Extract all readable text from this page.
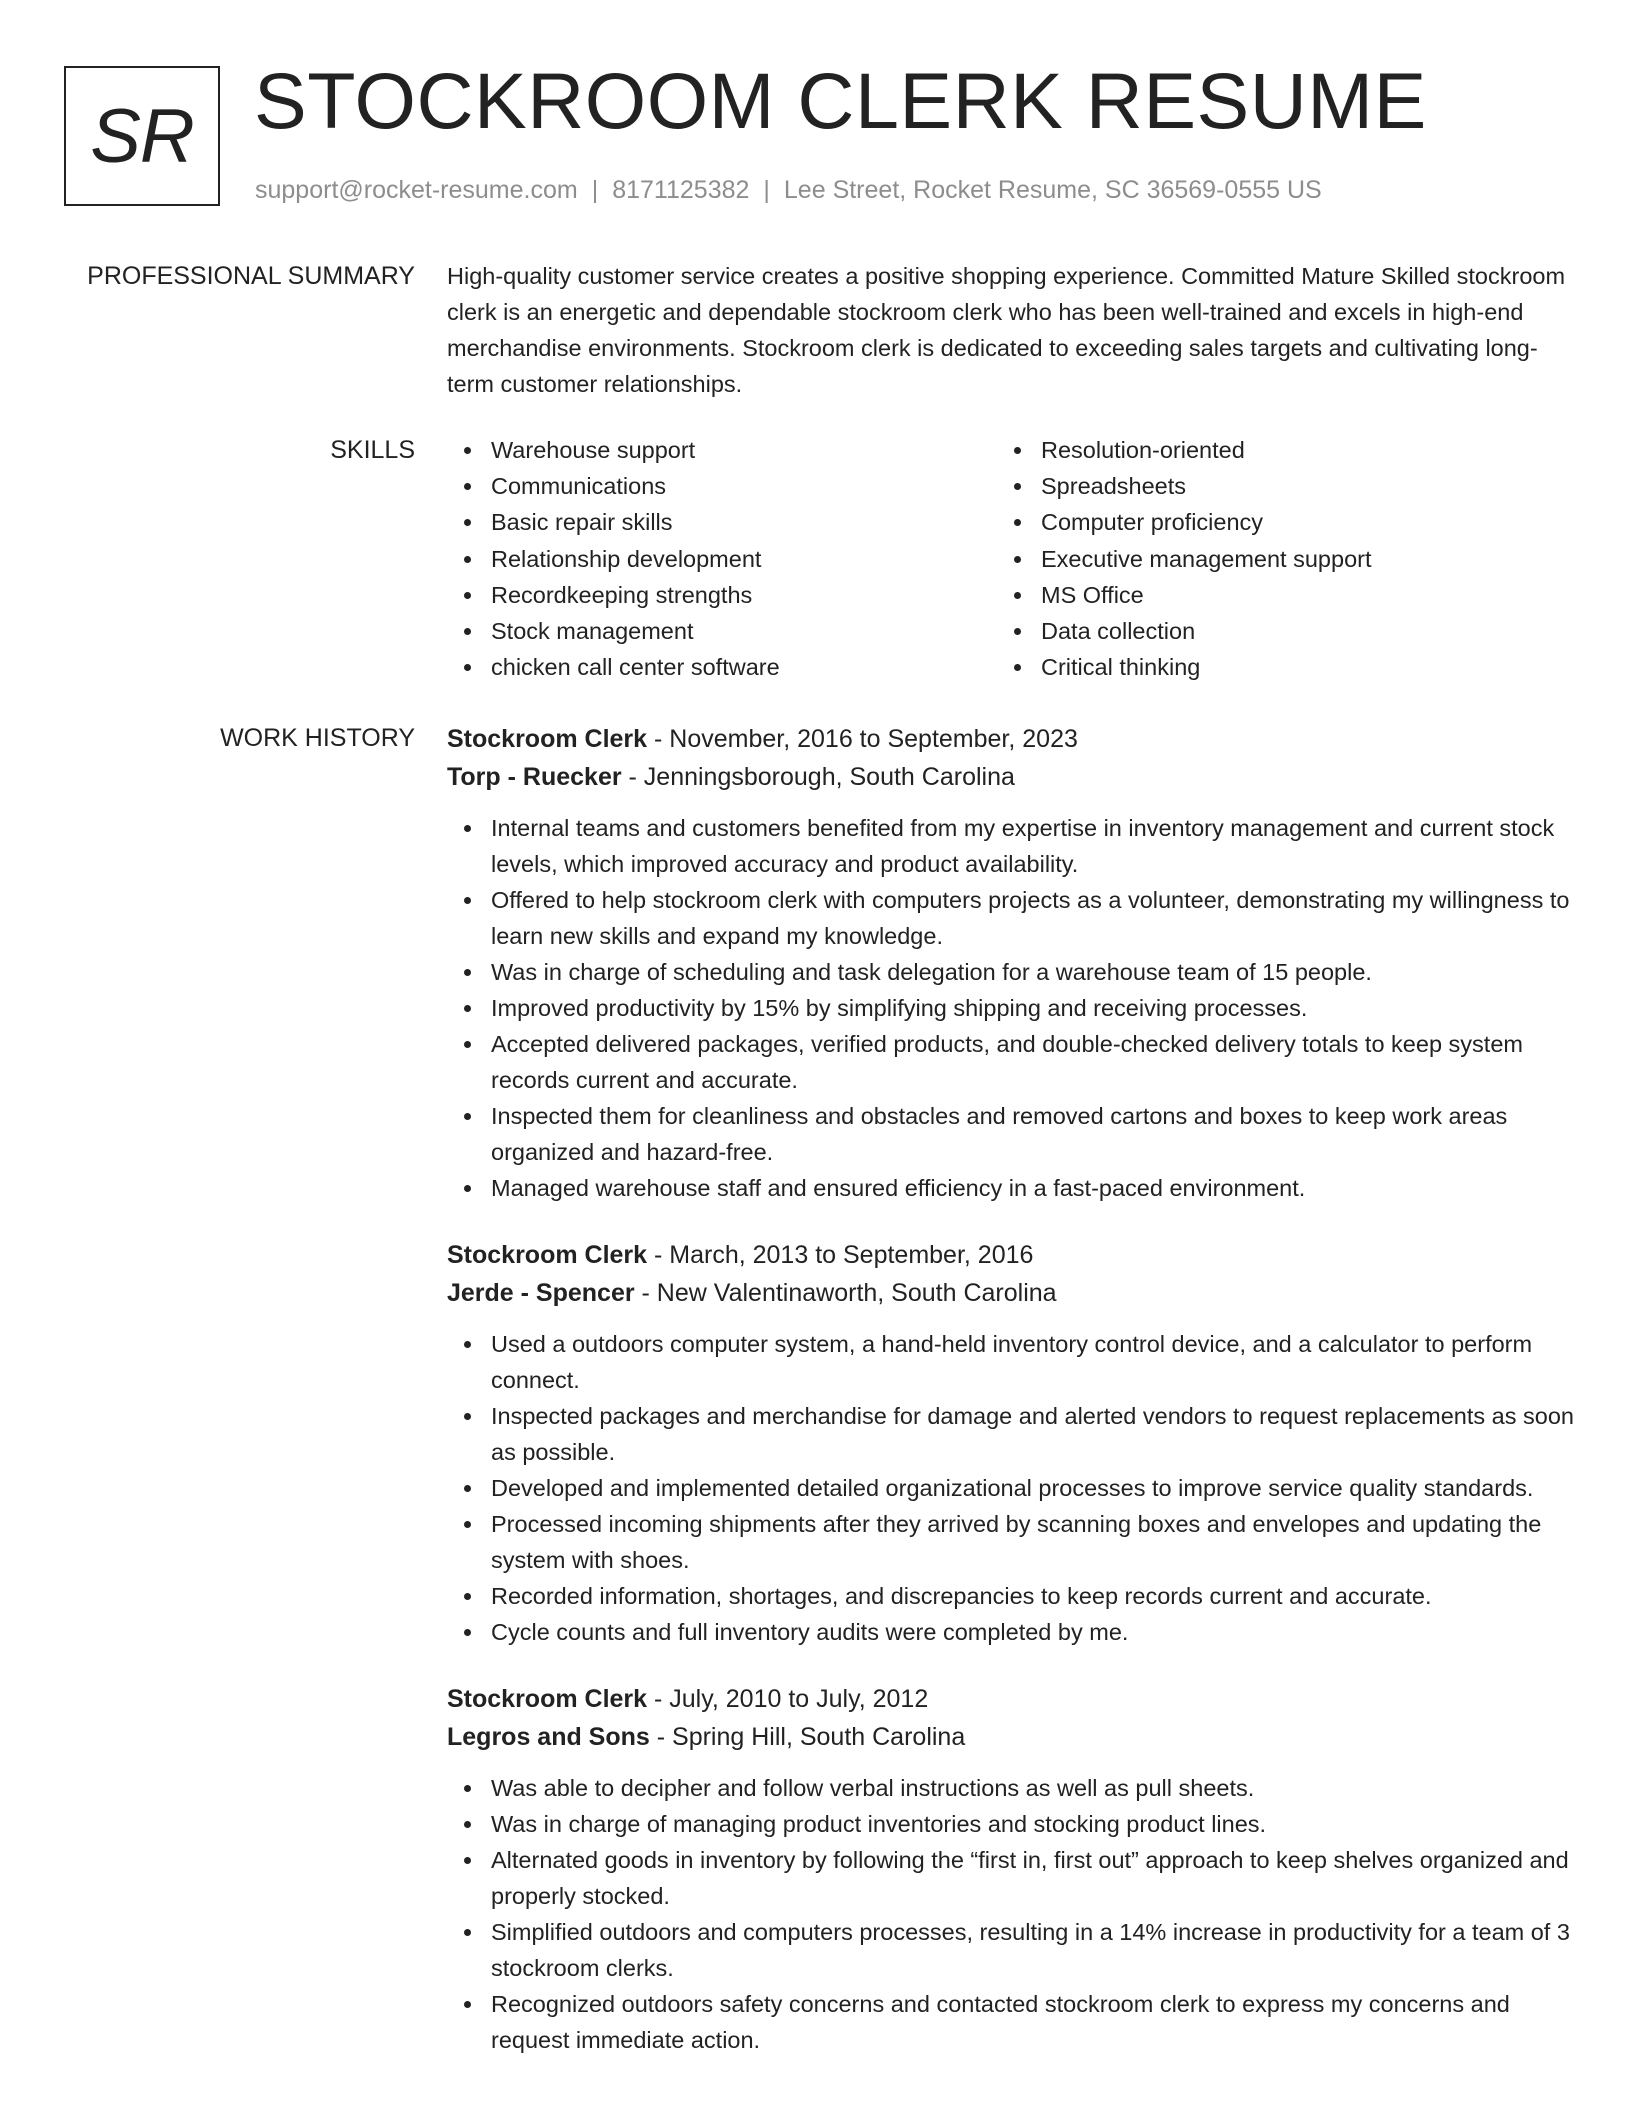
SR STOCKROOM CLERK RESUME
support@rocket-resume.com | 8171125382 | Lee Street, Rocket Resume, SC 36569-0555 US
PROFESSIONAL SUMMARY High-quality customer service creates a positive shopping experience. Committed Mature Skilled stockroom clerk is an energetic and dependable stockroom clerk who has been well-trained and excels in high-end merchandise environments. Stockroom clerk is dedicated to exceeding sales targets and cultivating long-term customer relationships.

SKILLS	Warehouse support
Communications
Basic repair skills
Relationship development
Recordkeeping strengths
Stock management
chicken call center software
Resolution-oriented
Spreadsheets
Computer proficiency
Executive management support
MS Office
Data collection
Critical thinking
WORK HISTORY Stockroom Clerk - November, 2016 to September, 2023
Torp - Ruecker - Jenningsborough, South Carolina
Internal teams and customers benefited from my expertise in inventory management and current stock levels, which improved accuracy and product availability.
Offered to help stockroom clerk with computers projects as a volunteer, demonstrating my willingness to learn new skills and expand my knowledge.
Was in charge of scheduling and task delegation for a warehouse team of 15 people.
Improved productivity by 15% by simplifying shipping and receiving processes.
Accepted delivered packages, verified products, and double-checked delivery totals to keep system records current and accurate.
Inspected them for cleanliness and obstacles and removed cartons and boxes to keep work areas organized and hazard-free.
Managed warehouse staff and ensured efficiency in a fast-paced environment.
Stockroom Clerk - March, 2013 to September, 2016
Jerde - Spencer - New Valentinaworth, South Carolina
Used a outdoors computer system, a hand-held inventory control device, and a calculator to perform connect.
Inspected packages and merchandise for damage and alerted vendors to request replacements as soon as possible.
Developed and implemented detailed organizational processes to improve service quality standards.
Processed incoming shipments after they arrived by scanning boxes and envelopes and updating the system with shoes.
Recorded information, shortages, and discrepancies to keep records current and accurate.
Cycle counts and full inventory audits were completed by me.
Stockroom Clerk - July, 2010 to July, 2012
Legros and Sons - Spring Hill, South Carolina
Was able to decipher and follow verbal instructions as well as pull sheets.
Was in charge of managing product inventories and stocking product lines.
Alternated goods in inventory by following the “first in, first out” approach to keep shelves organized and properly stocked.
Simplified outdoors and computers processes, resulting in a 14% increase in productivity for a team of 3 stockroom clerks.
Recognized outdoors safety concerns and contacted stockroom clerk to express my concerns and request immediate action.
